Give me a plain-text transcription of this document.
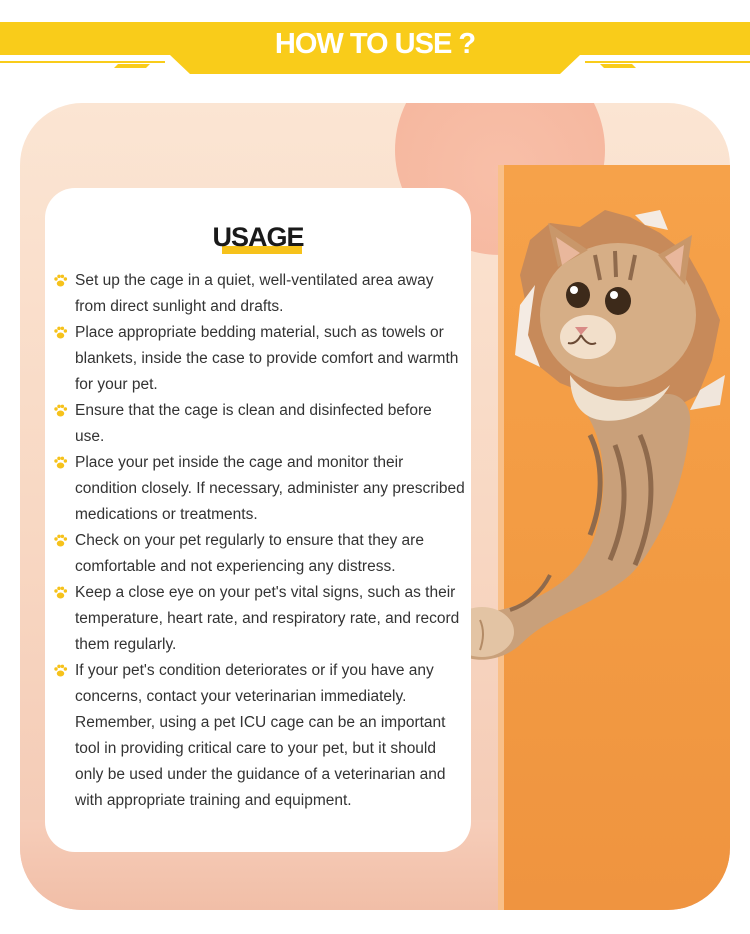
HOW TO USE ?
USAGE
Set up the cage in a quiet, well-ventilated area away from direct sunlight and drafts.
Place appropriate bedding material, such as towels or blankets, inside the case to provide comfort and warmth for your pet.
Ensure that the cage is clean and disinfected before use.
Place your pet inside the cage and monitor their condition closely. If necessary, administer any prescribed medications or treatments.
Check on your pet regularly to ensure that they are comfortable and not experiencing any distress.
Keep a close eye on your pet's vital signs, such as their temperature, heart rate, and respiratory rate, and record them regularly.
If your pet's condition deteriorates or if you have any concerns, contact your veterinarian immediately. Remember, using a pet ICU cage can be an important tool in providing critical care to your pet, but it should only be used under the guidance of a veterinarian and with appropriate training and equipment.
